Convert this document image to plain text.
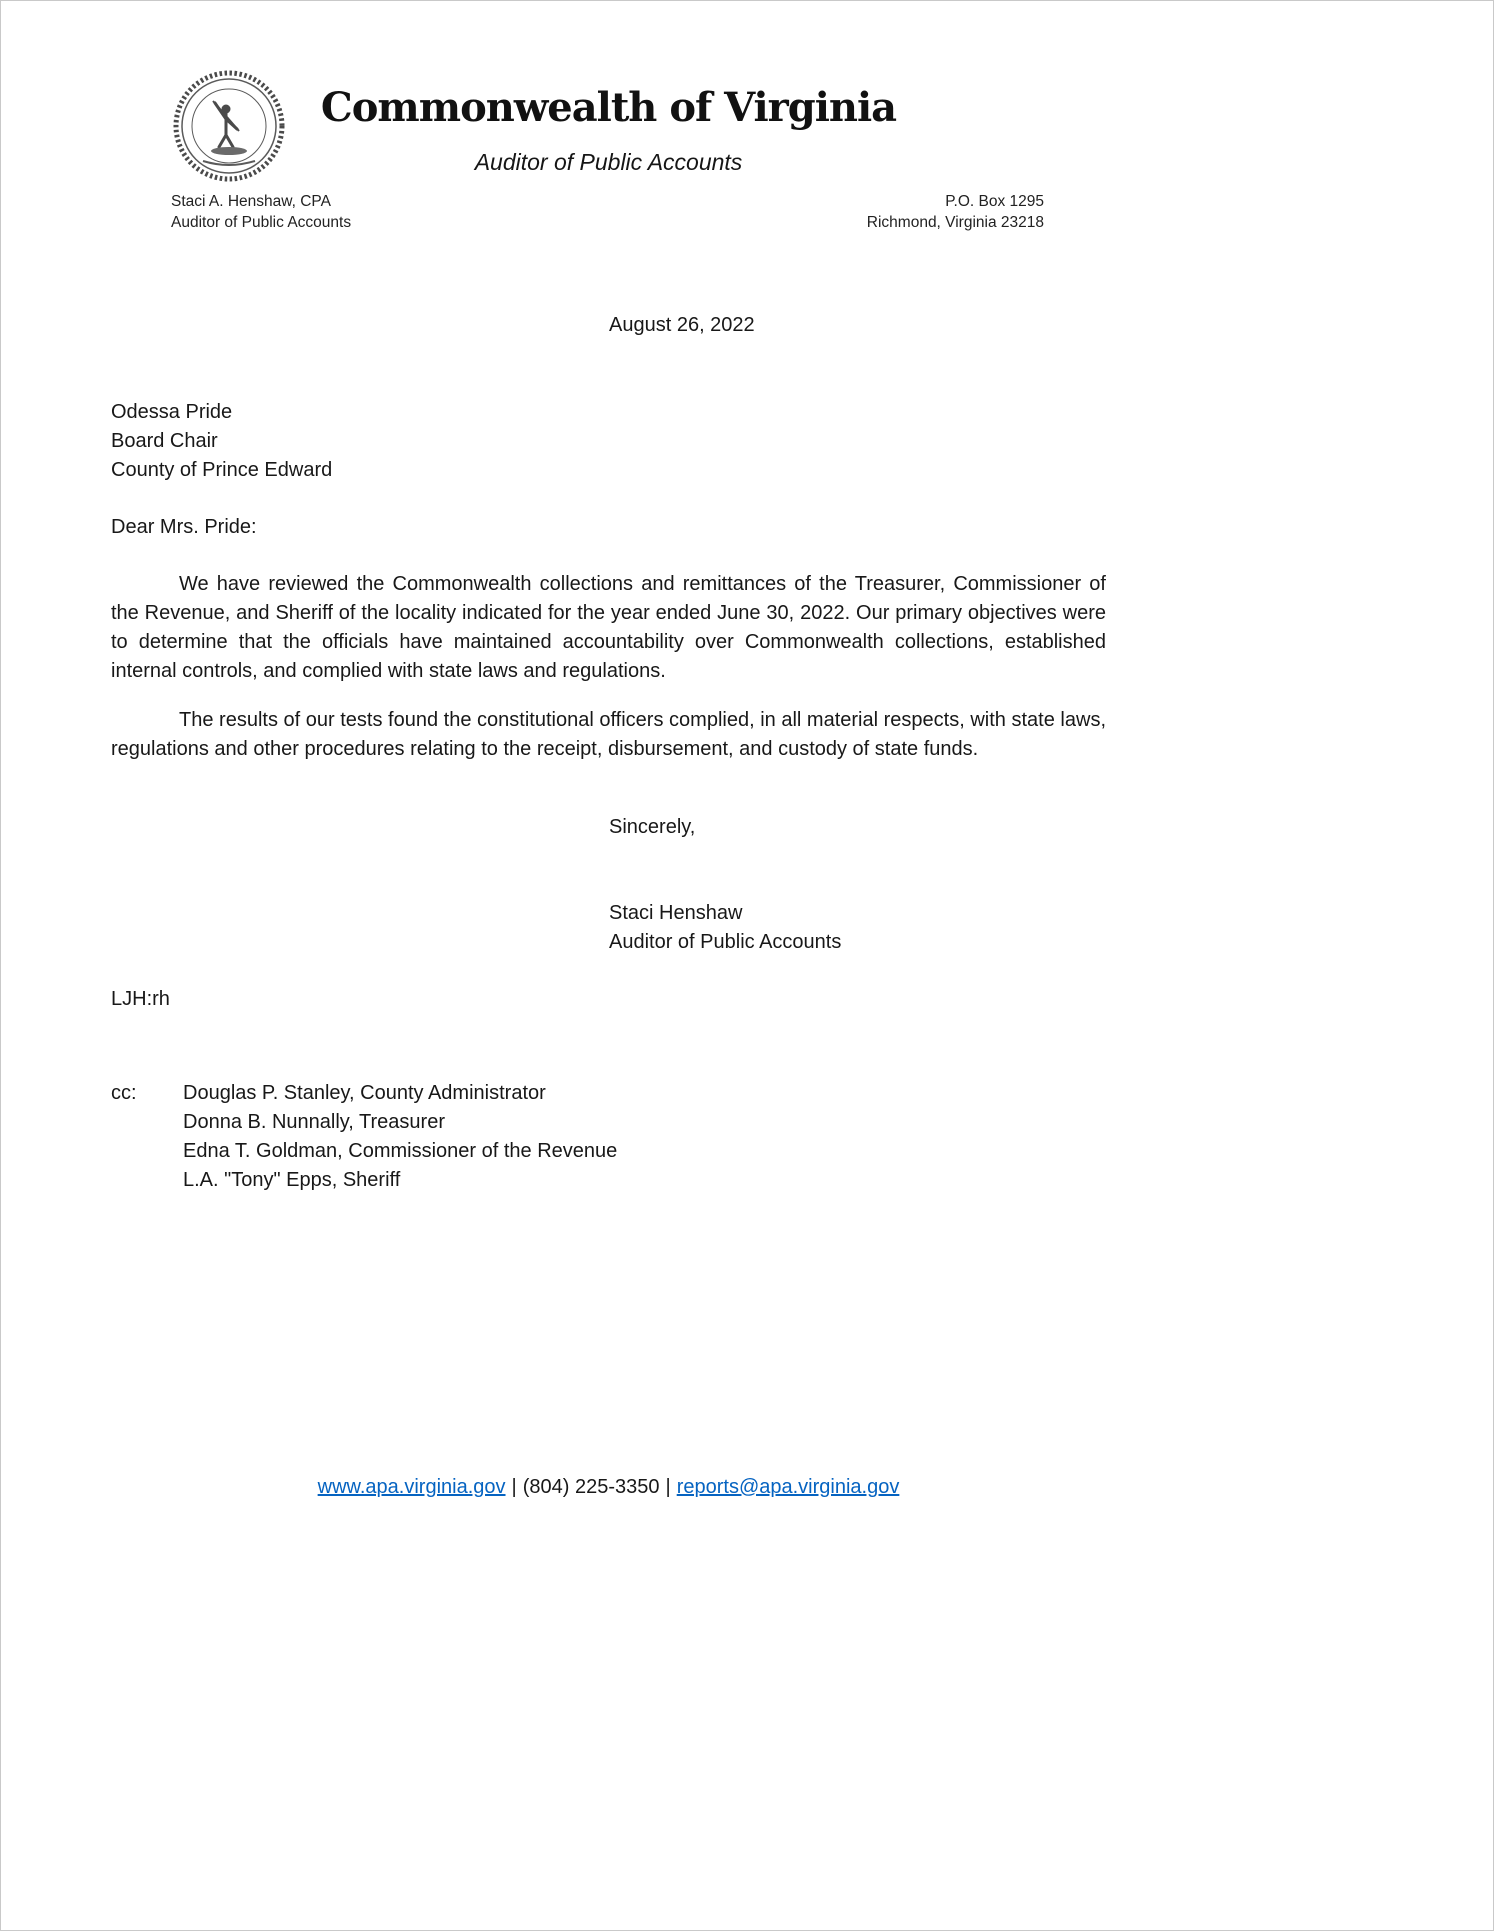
Commonwealth of Virginia
Auditor of Public Accounts
Staci A. Henshaw, CPA
Auditor of Public Accounts
P.O. Box 1295
Richmond, Virginia 23218
August 26, 2022
Odessa Pride
Board Chair
County of Prince Edward
Dear Mrs. Pride:
We have reviewed the Commonwealth collections and remittances of the Treasurer, Commissioner of the Revenue, and Sheriff of the locality indicated for the year ended June 30, 2022. Our primary objectives were to determine that the officials have maintained accountability over Commonwealth collections, established internal controls, and complied with state laws and regulations.
The results of our tests found the constitutional officers complied, in all material respects, with state laws, regulations and other procedures relating to the receipt, disbursement, and custody of state funds.
Sincerely,
Staci Henshaw
Auditor of Public Accounts
LJH:rh
cc:	Douglas P. Stanley, County Administrator
Donna B. Nunnally, Treasurer
Edna T. Goldman, Commissioner of the Revenue
L.A. "Tony" Epps, Sheriff
www.apa.virginia.gov | (804) 225-3350 | reports@apa.virginia.gov
